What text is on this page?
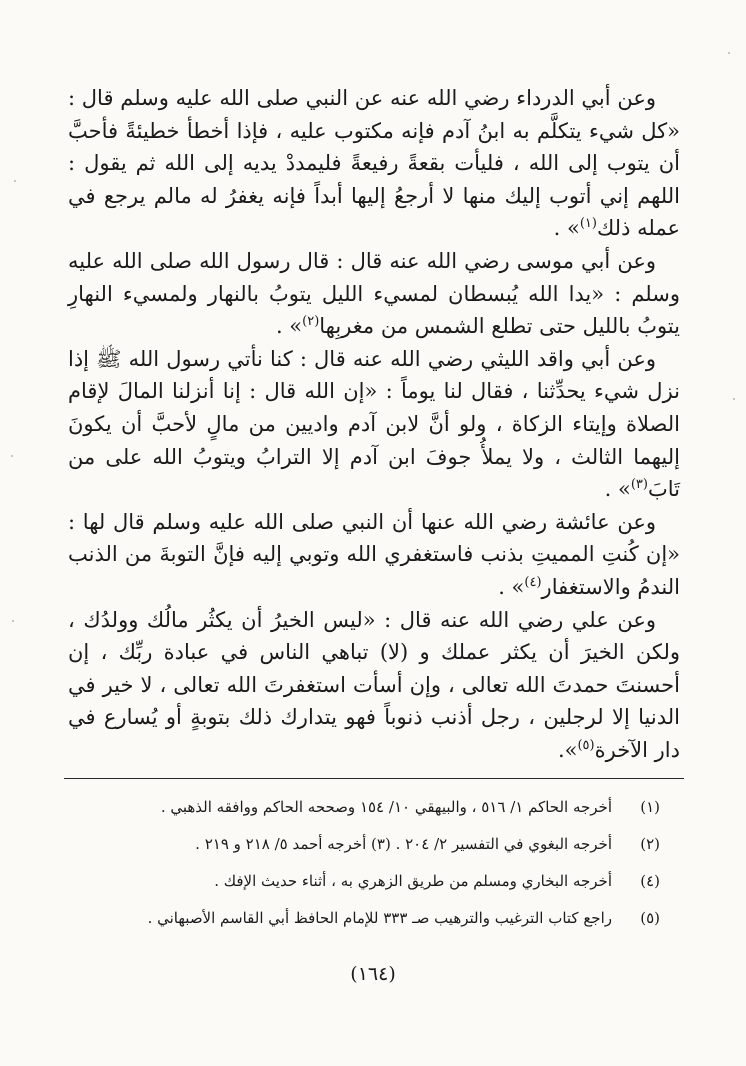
وعن أبي الدرداء رضي الله عنه عن النبي صلى الله عليه وسلم قال : «كل شيء يتكلَّم به ابنُ آدم فإنه مكتوب عليه ، فإذا أخطأ خطيئةً فأحبَّ أن يتوب إلى الله ، فليأت بقعةً رفيعةً فليمددْ يديه إلى الله ثم يقول : اللهم إني أتوب إليك منها لا أرجعُ إليها أبداً فإنه يغفرُ له مالم يرجع في عمله ذلك$^{(١)}$» .

وعن أبي موسى رضي الله عنه قال : قال رسول الله صلى الله عليه وسلم : «يدا الله يُبسطان لمسيء الليل يتوبُ بالنهار ولمسيء النهارِ يتوبُ بالليل حتى تطلع الشمس من مغربِها$^{(٢)}$» .

وعن أبي واقد الليثي رضي الله عنه قال : كنا نأتي رسول الله ﷺ إذا نزل شيء يحدِّثنا ، فقال لنا يوماً : «إن الله قال : إنا أنزلنا المالَ لإقام الصلاة وإيتاء الزكاة ، ولو أنَّ لابن آدم واديين من مالٍ لأحبَّ أن يكونَ إليهما الثالث ، ولا يملأُ جوفَ ابن آدم إلا الترابُ ويتوبُ الله على من تَابَ$^{(٣)}$» .

وعن عائشة رضي الله عنها أن النبي صلى الله عليه وسلم قال لها : «إن كُنتِ المميتِ بذنب فاستغفري الله وتوبي إليه فإنَّ التوبةَ من الذنب الندمُ والاستغفار$^{(٤)}$» .

وعن علي رضي الله عنه قال : «ليس الخيرُ أن يكثُر مالُك وولدُك ، ولكن الخيرَ أن يكثر عملك و (لا) تباهي الناس في عبادة ربِّك ، إن أحسنتَ حمدتَ الله تعالى ، وإن أسأت استغفرتَ الله تعالى ، لا خير في الدنيا إلا لرجلين ، رجل أذنب ذنوباً فهو يتدارك ذلك بتوبةٍ أو يُسارع في دار الآخرة$^{(٥)}$».

(١)أخرجه الحاكم ١/ ٥١٦ ، والبيهقي ١٠/ ١٥٤ وصححه الحاكم ووافقه الذهبي .
(٢)أخرجه البغوي في التفسير ٢/ ٢٠٤ . (٣) أخرجه أحمد ٥/ ٢١٨ و ٢١٩ .
(٤)أخرجه البخاري ومسلم من طريق الزهري به ، أثناء حديث الإفك .
(٥)راجع كتاب الترغيب والترهيب صـ ٣٣٣ للإمام الحافظ أبي القاسم الأصبهاني .
(١٦٤)
